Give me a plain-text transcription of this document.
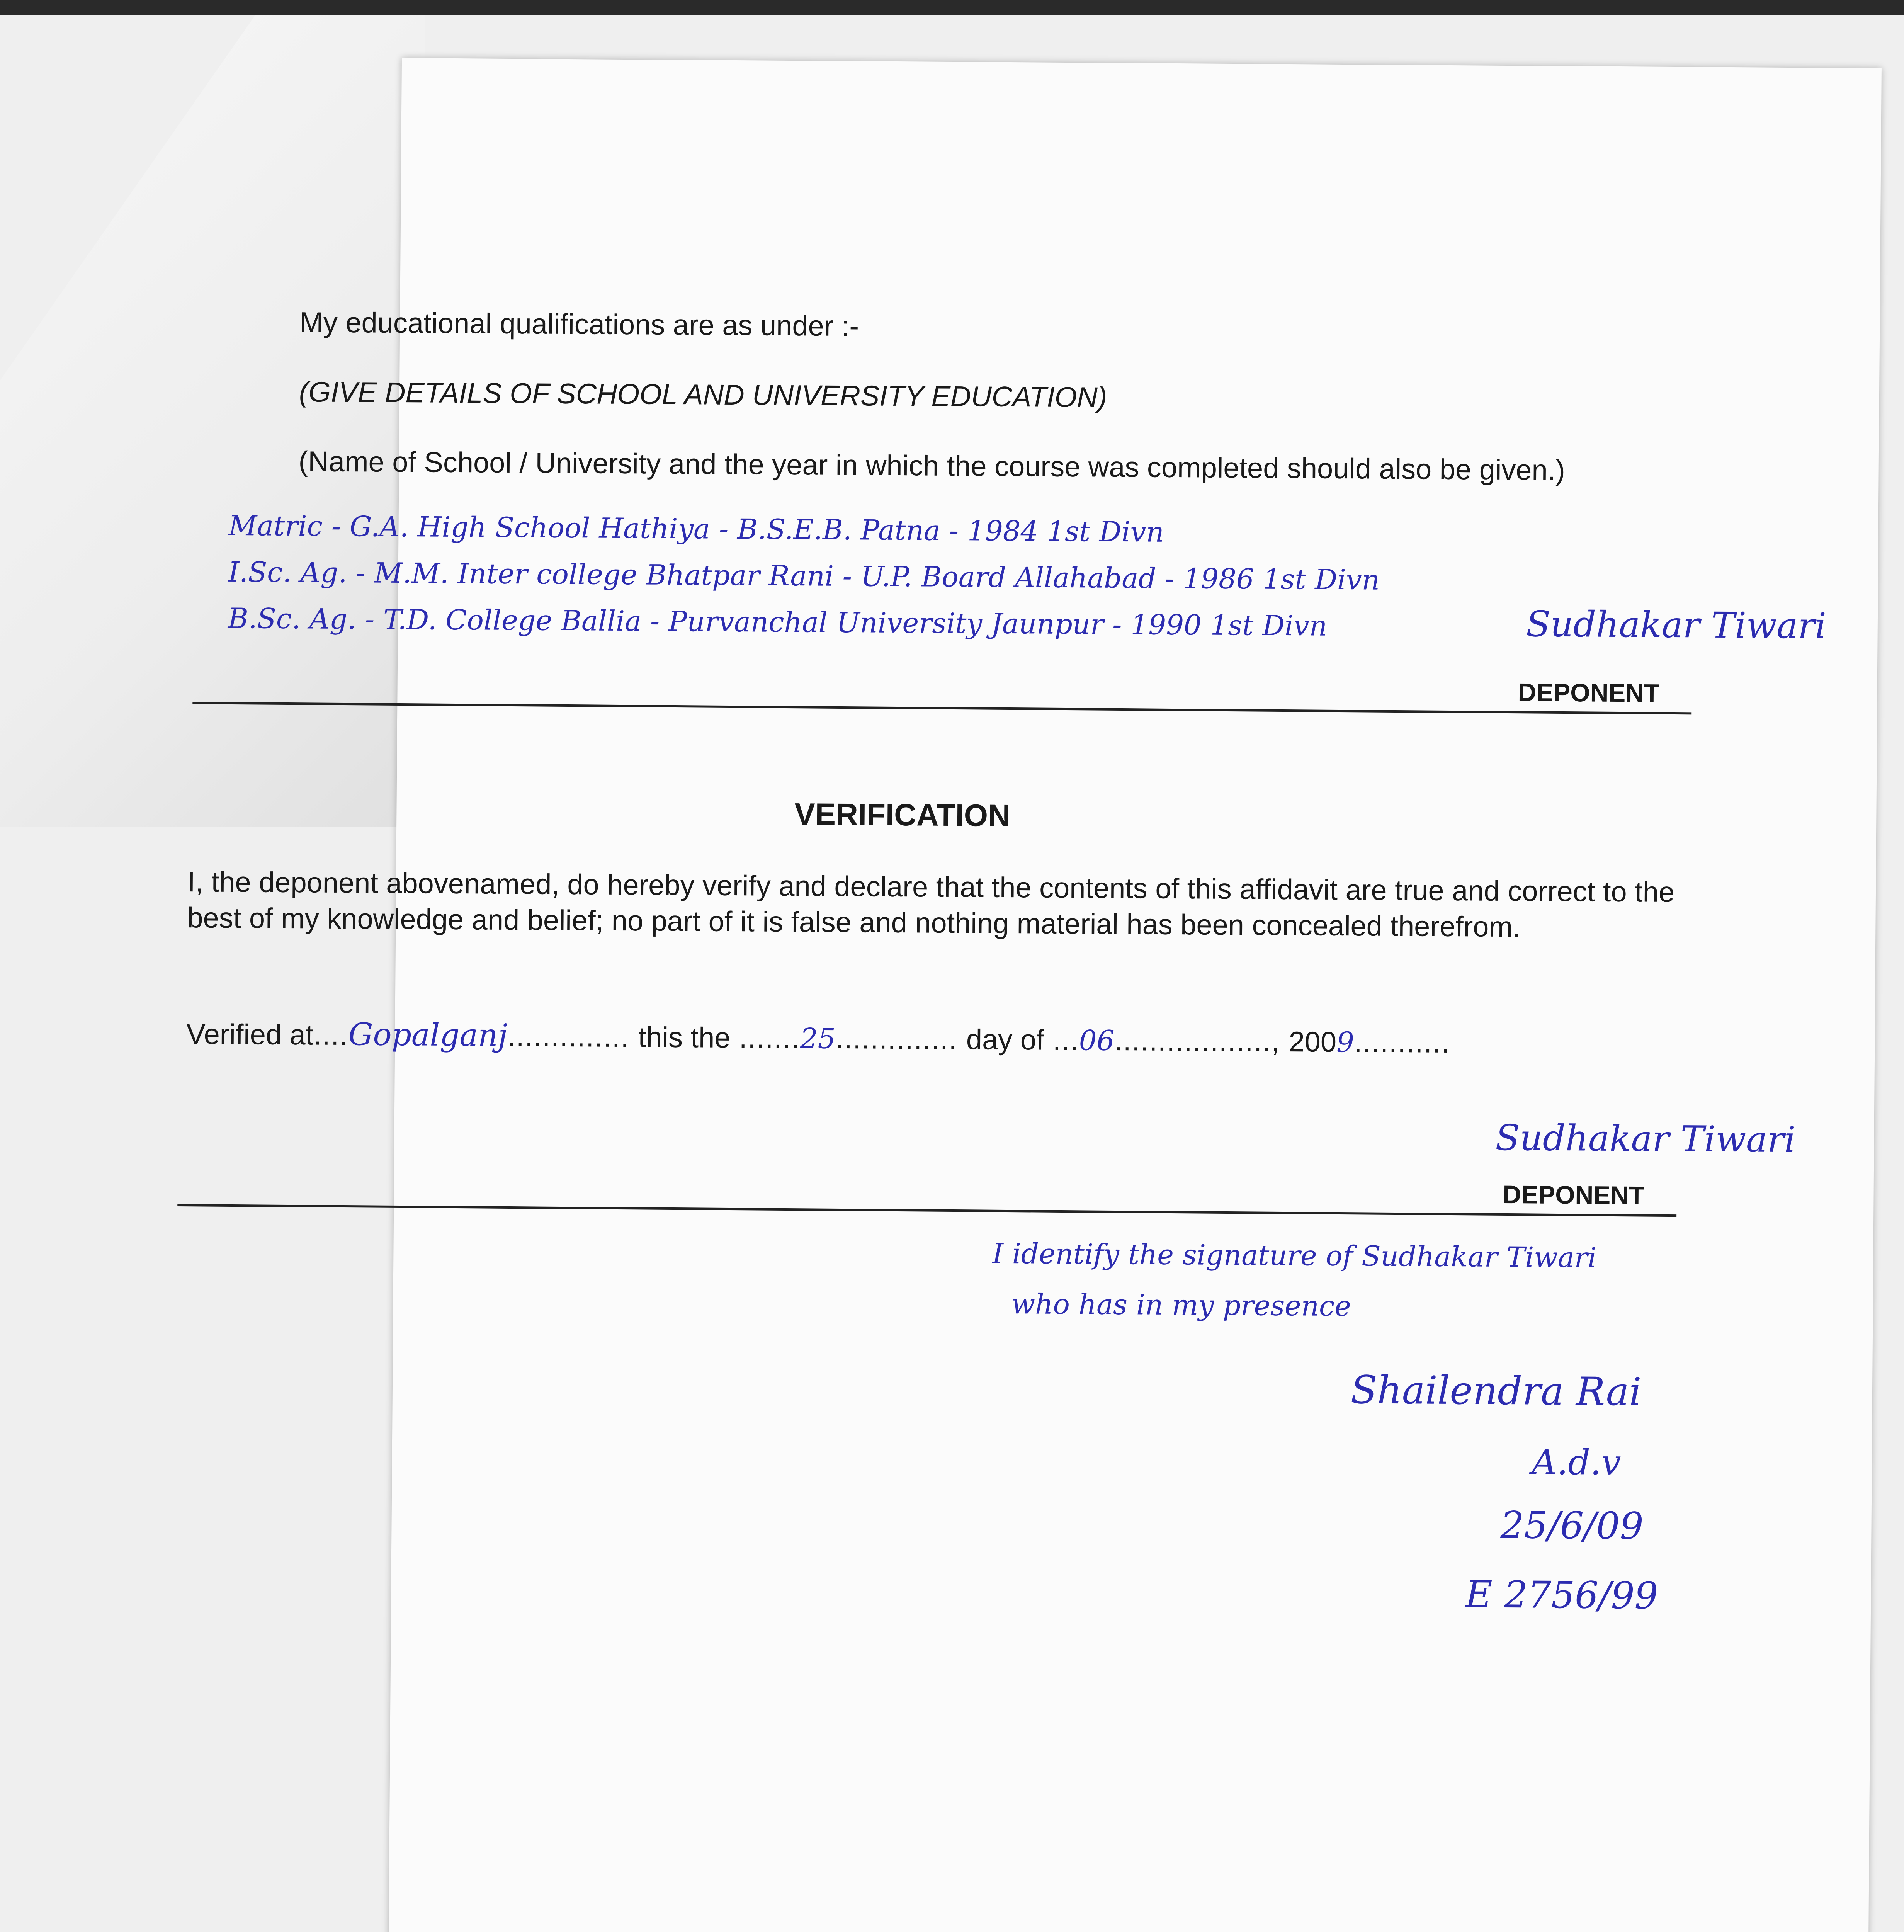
My educational qualifications are as under :-
(GIVE DETAILS OF SCHOOL AND UNIVERSITY EDUCATION)
(Name of School / University and the year in which the course was completed should also be given.)
Matric - G.A. High School Hathiya - B.S.E.B. Patna - 1984 1st Divn
I.Sc. Ag. - M.M. Inter college Bhatpar Rani - U.P. Board Allahabad - 1986 1st Divn
B.Sc. Ag. - T.D. College Ballia - Purvanchal University Jaunpur - 1990 1st Divn	Sudhakar Tiwari
DEPONENT
VERIFICATION
I, the deponent abovenamed, do hereby verify and declare that the contents of this affidavit are true and correct to the best of my knowledge and belief; no part of it is false and nothing material has been concealed therefrom.
Verified at....Gopalganj.............. this the .......25.............. day of ...06.................., 2009...........
Sudhakar Tiwari
DEPONENT
I identify the signature of Sudhakar Tiwari
who has in my presence
Shailendra Rai
A.d.v
25/6/09
E 2756/99
